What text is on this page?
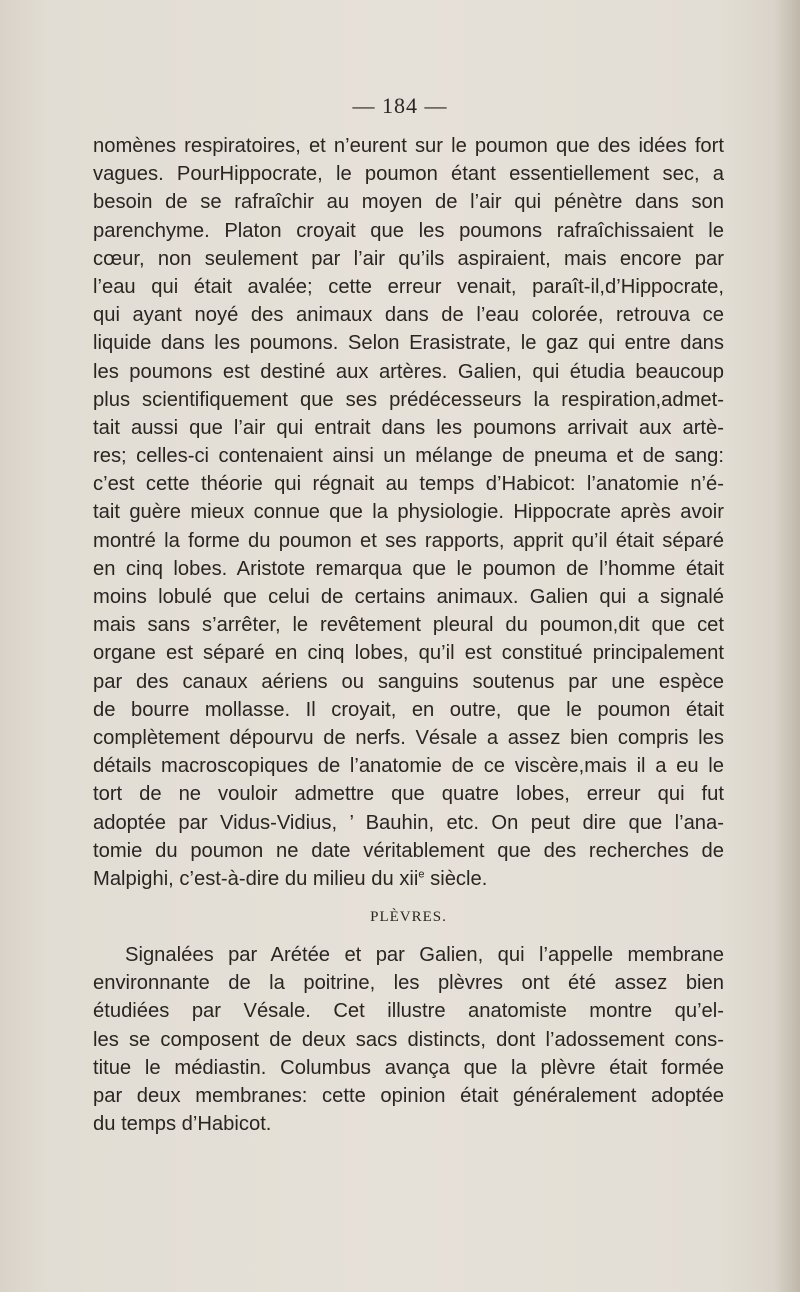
— 184 —
nomènes respiratoires, et n’eurent sur le poumon que des idées fort
vagues. PourHippocrate, le poumon étant essentiellement sec, a
besoin de se rafraîchir au moyen de l’air qui pénètre dans son
parenchyme. Platon croyait que les poumons rafraîchissaient le
cœur, non seulement par l’air qu’ils aspiraient, mais encore par
l’eau qui était avalée; cette erreur venait, paraît-il,d’Hippocrate,
qui ayant noyé des animaux dans de l’eau colorée, retrouva ce
liquide dans les poumons. Selon Erasistrate, le gaz qui entre dans
les poumons est destiné aux artères. Galien, qui étudia beaucoup
plus scientifiquement que ses prédécesseurs la respiration,admet-
tait aussi que l’air qui entrait dans les poumons arrivait aux artè-
res; celles-ci contenaient ainsi un mélange de pneuma et de sang:
c’est cette théorie qui régnait au temps d’Habicot: l’anatomie n’é-
tait guère mieux connue que la physiologie. Hippocrate après avoir
montré la forme du poumon et ses rapports, apprit qu’il était séparé
en cinq lobes. Aristote remarqua que le poumon de l’homme était
moins lobulé que celui de certains animaux. Galien qui a signalé
mais sans s’arrêter, le revêtement pleural du poumon,dit que cet
organe est séparé en cinq lobes, qu’il est constitué principalement
par des canaux aériens ou sanguins soutenus par une espèce
de bourre mollasse. Il croyait, en outre, que le poumon était
complètement dépourvu de nerfs. Vésale a assez bien compris les
détails macroscopiques de l’anatomie de ce viscère,mais il a eu le
tort de ne vouloir admettre que quatre lobes, erreur qui fut
adoptée par Vidus-Vidius, ’ Bauhin, etc. On peut dire que l’ana-
tomie du poumon ne date véritablement que des recherches de
Malpighi, c’est-à-dire du milieu du xii$^e$ siècle.
PLÈVRES.
Signalées par Arétée et par Galien, qui l’appelle membrane
environnante de la poitrine, les plèvres ont été assez bien
étudiées par Vésale. Cet illustre anatomiste montre qu’el-
les se composent de deux sacs distincts, dont l’adossement cons-
titue le médiastin. Columbus avança que la plèvre était formée
par deux membranes: cette opinion était généralement adoptée
du temps d’Habicot.
